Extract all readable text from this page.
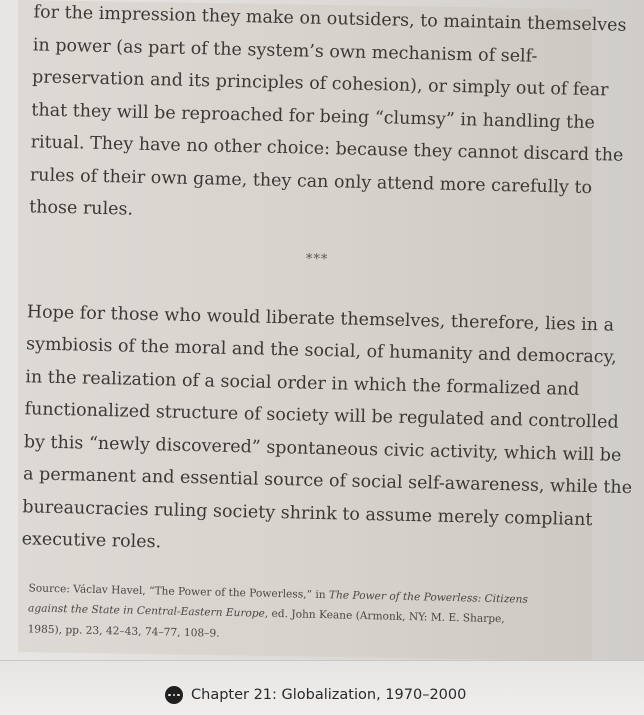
for the impression they make on outsiders, to maintain themselves

in power (as part of the system’s own mechanism of self-

preservation and its principles of cohesion), or simply out of fear

that they will be reproached for being “clumsy” in handling the

ritual. They have no other choice: because they cannot discard the

rules of their own game, they can only attend more carefully to

those rules.

***

Hope for those who would liberate themselves, therefore, lies in a

symbiosis of the moral and the social, of humanity and democracy,

in the realization of a social order in which the formalized and

functionalized structure of society will be regulated and controlled

by this “newly discovered” spontaneous civic activity, which will be

a permanent and essential source of social self-awareness, while the

bureaucracies ruling society shrink to assume merely compliant

executive roles.

Source: Václav Havel, “The Power of the Powerless,” in The Power of the Powerless: Citizens

against the State in Central-Eastern Europe, ed. John Keane (Armonk, NY: M. E. Sharpe,

1985), pp. 23, 42–43, 74–77, 108–9.

Chapter 21: Globalization, 1970–2000
